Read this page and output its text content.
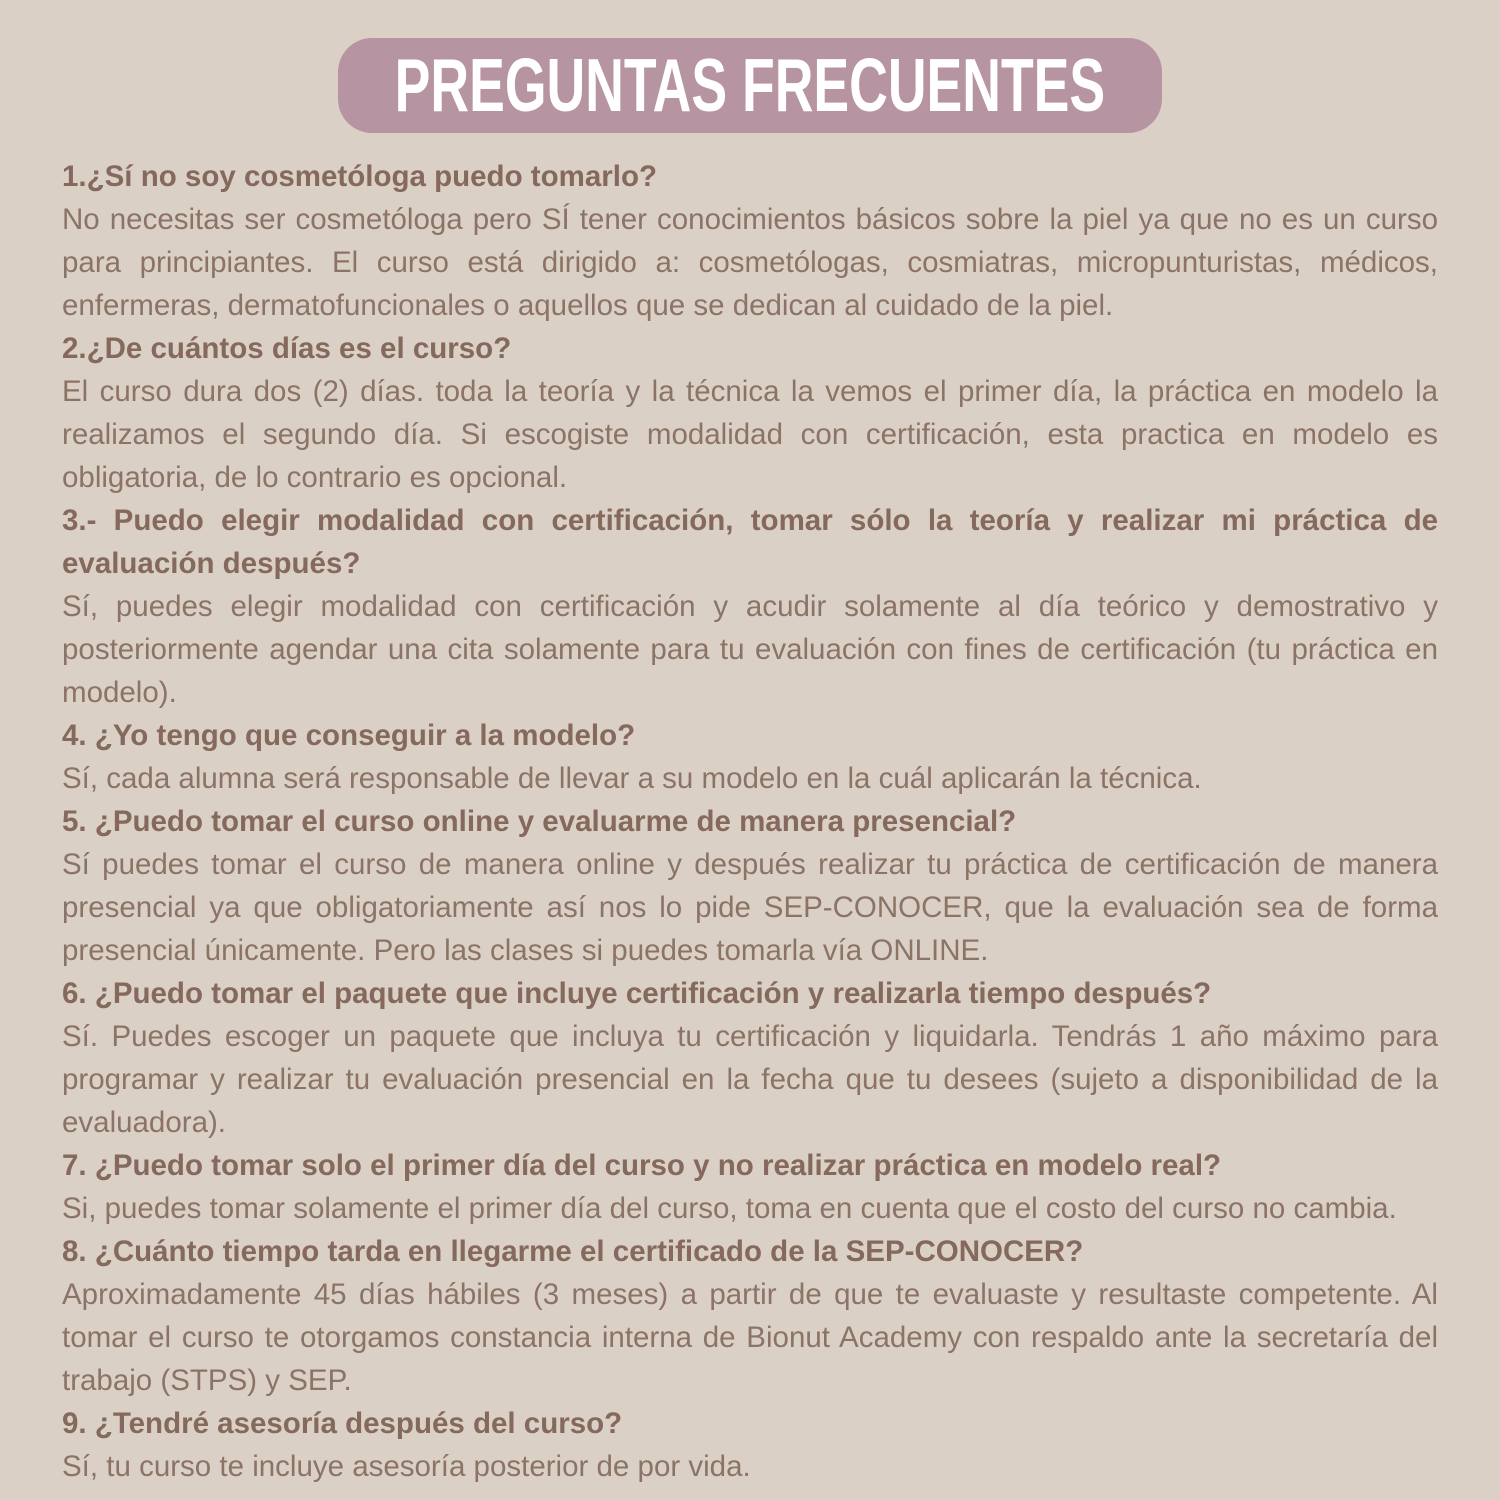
PREGUNTAS FRECUENTES
1.¿Sí no soy cosmetóloga puedo tomarlo?
No necesitas ser cosmetóloga pero SÍ tener conocimientos básicos sobre la piel ya que no es un curso para principiantes. El curso está dirigido a: cosmetólogas, cosmiatras, micropunturistas, médicos, enfermeras, dermatofuncionales o aquellos que se dedican al cuidado de la piel.
2.¿De cuántos días es el curso?
El curso dura dos (2) días. toda la teoría y la técnica la vemos el primer día, la práctica en modelo la realizamos el segundo día. Si escogiste modalidad con certificación, esta practica en modelo es obligatoria, de lo contrario es opcional.
3.- Puedo elegir modalidad con certificación, tomar sólo la teoría y realizar mi práctica de evaluación después?
Sí, puedes elegir modalidad con certificación y acudir solamente al día teórico y demostrativo y posteriormente agendar una cita solamente para tu evaluación con fines de certificación (tu práctica en modelo).
4. ¿Yo tengo que conseguir a la modelo?
Sí, cada alumna será responsable de llevar a su modelo en la cuál aplicarán la técnica.
5. ¿Puedo tomar el curso online y evaluarme de manera presencial?
Sí puedes tomar el curso de manera online y después realizar tu práctica de certificación de manera presencial ya que obligatoriamente así nos lo pide SEP-CONOCER, que la evaluación sea de forma presencial únicamente. Pero las clases si puedes tomarla vía ONLINE.
6. ¿Puedo tomar el paquete que incluye certificación y realizarla tiempo después?
Sí. Puedes escoger un paquete que incluya tu certificación y liquidarla. Tendrás 1 año máximo para programar y realizar tu evaluación presencial en la fecha que tu desees (sujeto a disponibilidad de la evaluadora).
7. ¿Puedo tomar solo el primer día del curso y no realizar práctica en modelo real?
Si, puedes tomar solamente el primer día del curso, toma en cuenta que el costo del curso no cambia.
8. ¿Cuánto tiempo tarda en llegarme el certificado de la SEP-CONOCER?
Aproximadamente 45 días hábiles (3 meses) a partir de que te evaluaste y resultaste competente. Al tomar el curso te otorgamos constancia interna de Bionut Academy con respaldo ante la secretaría del trabajo (STPS) y SEP.
9. ¿Tendré asesoría después del curso?
Sí, tu curso te incluye asesoría posterior de por vida.
